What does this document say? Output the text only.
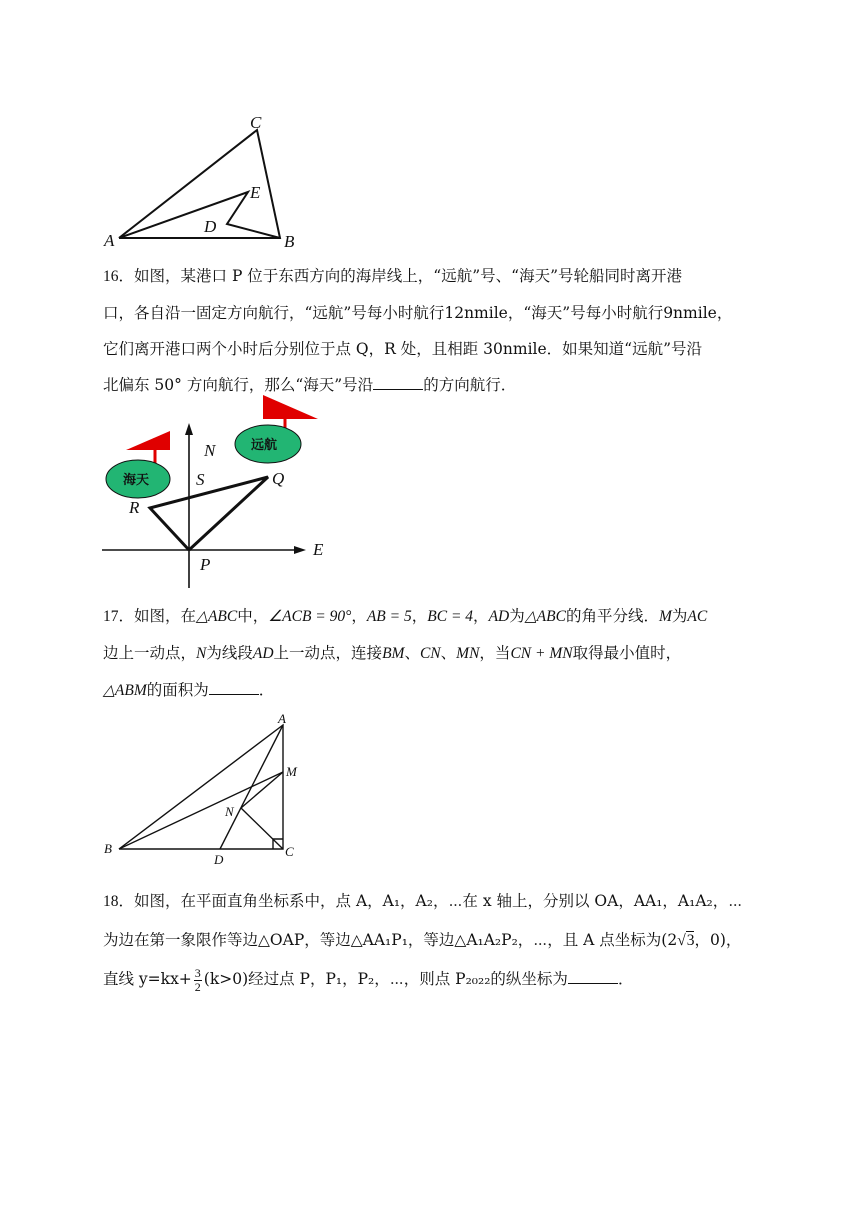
A	B
C
D
E
16．如图，某港口 P 位于东西方向的海岸线上，“远航”号、“海天”号轮船同时离开港
口，各自沿一固定方向航行，“远航”号每小时航行12nmile，“海天”号每小时航行9nmile，
它们离开港口两个小时后分别位于点 Q，R 处，且相距 30nmile．如果知道“远航”号沿
北偏东 50° 方向航行，那么“海天”号沿	的方向航行．
海天
远航
N
S	Q
R
P
E
17．如图，在△ABC中，∠ACB = 90°，AB = 5，BC = 4，AD为△ABC的角平分线．M为AC
边上一动点，N为线段AD上一动点，连接BM、CN、MN，当CN + MN取得最小值时，
△ABM的面积为	．
A
B	C
D
M
N
18．如图，在平面直角坐标系中，点 A，A₁，A₂，⋯在 x 轴上，分别以 OA，AA₁，A₁A₂，⋯
为边在第一象限作等边△OAP，等边△AA₁P₁，等边△A₁A₂P₂，⋯，且 A 点坐标为(2√3，0)，
直线 $y=kx+ \frac{3}{2} (k>0)$经过点 P，P₁，P₂，⋯，则点 P₂₀₂₂的纵坐标为	．
